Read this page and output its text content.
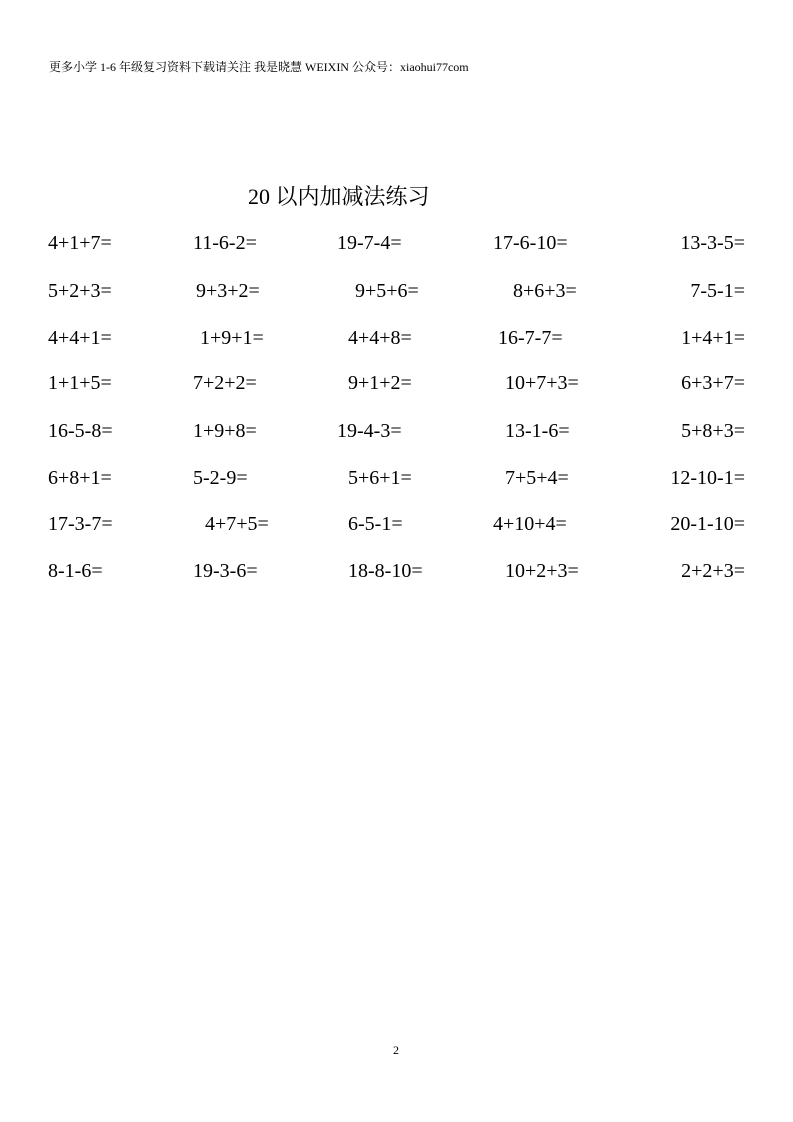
更多小学 1-6 年级复习资料下载请关注 我是晓慧 WEIXIN 公众号：xiaohui77com
20 以内加减法练习
4+1+7=	11-6-2=	19-7-4=	17-6-10=	13-3-5=
5+2+3=	9+3+2=	9+5+6=	8+6+3=	7-5-1=
4+4+1=	1+9+1=	4+4+8=	16-7-7=	1+4+1=
1+1+5=	7+2+2=	9+1+2=	10+7+3=	6+3+7=
16-5-8=	1+9+8=	19-4-3=	13-1-6=	5+8+3=
6+8+1=	5-2-9=	5+6+1=	7+5+4=	12-10-1=
17-3-7=	4+7+5=	6-5-1=	4+10+4=	20-1-10=
8-1-6=	19-3-6=	18-8-10=	10+2+3=	2+2+3=
2
